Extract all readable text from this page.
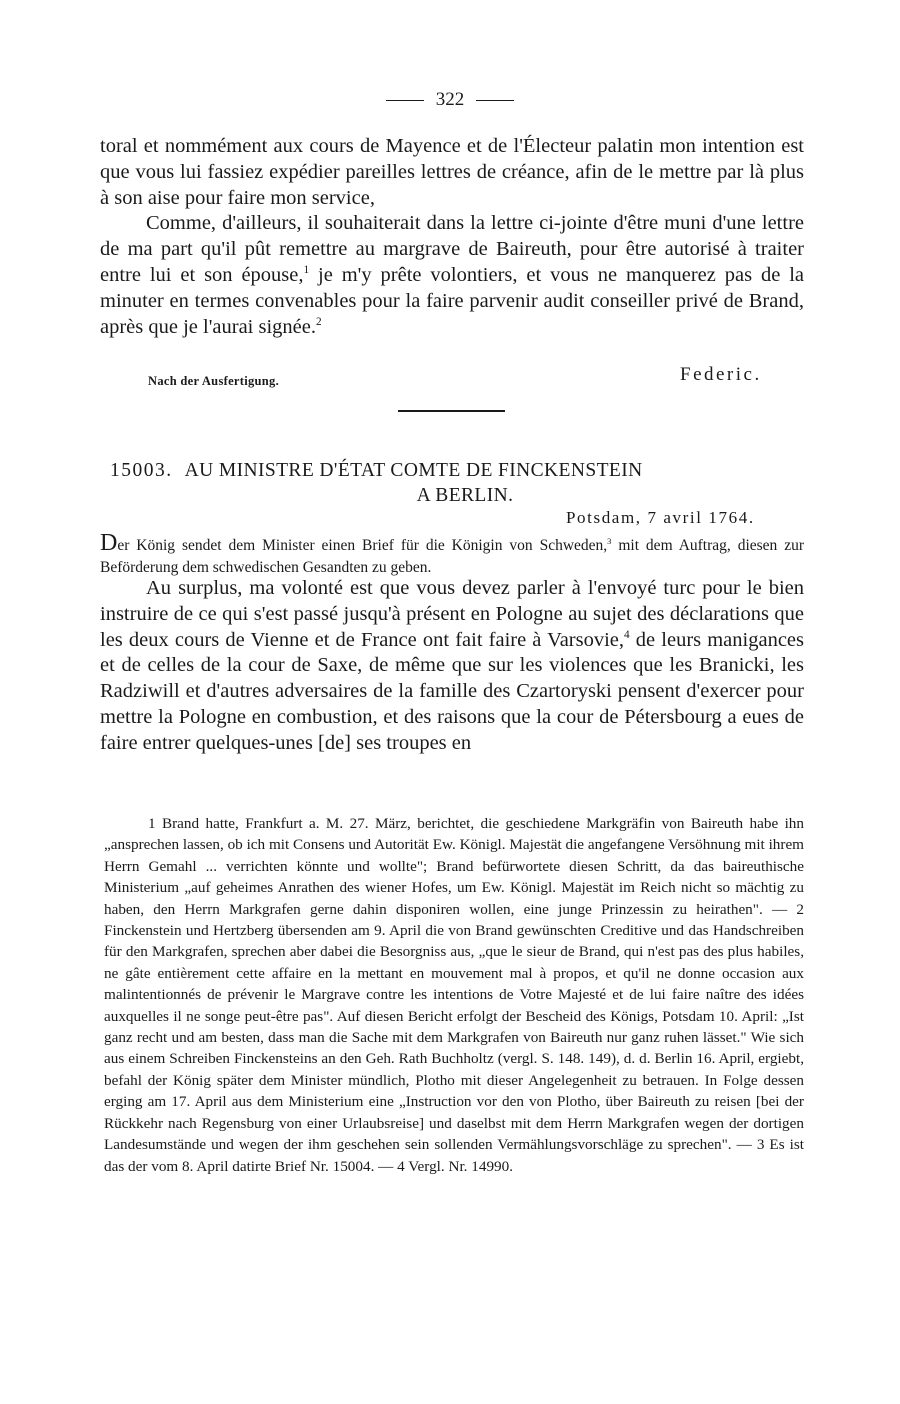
322

toral et nommément aux cours de Mayence et de l'Électeur palatin mon intention est que vous lui fassiez expédier pareilles lettres de créance, afin de le mettre par là plus à son aise pour faire mon service,

Comme, d'ailleurs, il souhaiterait dans la lettre ci-jointe d'être muni d'une lettre de ma part qu'il pût remettre au margrave de Baireuth, pour être autorisé à traiter entre lui et son épouse,$^1$ je m'y prête volontiers, et vous ne manquerez pas de la minuter en termes convenables pour la faire parvenir audit conseiller privé de Brand, après que je l'aurai signée.$^2$

Nach der Ausfertigung.	Federic.
15003. AU MINISTRE D'ÉTAT COMTE DE FINCKENSTEIN
A BERLIN.
Potsdam, 7 avril 1764.

Der König sendet dem Minister einen Brief für die Königin von Schweden,$^3$ mit dem Auftrag, diesen zur Beförderung dem schwedischen Gesandten zu geben.

Au surplus, ma volonté est que vous devez parler à l'envoyé turc pour le bien instruire de ce qui s'est passé jusqu'à présent en Pologne au sujet des déclarations que les deux cours de Vienne et de France ont fait faire à Varsovie,$^4$ de leurs manigances et de celles de la cour de Saxe, de même que sur les violences que les Branicki, les Radziwill et d'autres adversaires de la famille des Czartoryski pensent d'exercer pour mettre la Pologne en combustion, et des raisons que la cour de Pétersbourg a eues de faire entrer quelques-unes [de] ses troupes en

1 Brand hatte, Frankfurt a. M. 27. März, berichtet, die geschiedene Markgräfin von Baireuth habe ihn „ansprechen lassen, ob ich mit Consens und Autorität Ew. Königl. Majestät die angefangene Versöhnung mit ihrem Herrn Gemahl ... verrichten könnte und wollte"; Brand befürwortete diesen Schritt, da das baireuthische Ministerium „auf geheimes Anrathen des wiener Hofes, um Ew. Königl. Majestät im Reich nicht so mächtig zu haben, den Herrn Markgrafen gerne dahin disponiren wollen, eine junge Prinzessin zu heirathen". — 2 Finckenstein und Hertzberg übersenden am 9. April die von Brand gewünschten Creditive und das Handschreiben für den Markgrafen, sprechen aber dabei die Besorgniss aus, „que le sieur de Brand, qui n'est pas des plus habiles, ne gâte entièrement cette affaire en la mettant en mouvement mal à propos, et qu'il ne donne occasion aux malintentionnés de prévenir le Margrave contre les intentions de Votre Majesté et de lui faire naître des idées auxquelles il ne songe peut-être pas". Auf diesen Bericht erfolgt der Bescheid des Königs, Potsdam 10. April: „Ist ganz recht und am besten, dass man die Sache mit dem Markgrafen von Baireuth nur ganz ruhen lässet." Wie sich aus einem Schreiben Finckensteins an den Geh. Rath Buchholtz (vergl. S. 148. 149), d. d. Berlin 16. April, ergiebt, befahl der König später dem Minister mündlich, Plotho mit dieser Angelegenheit zu betrauen. In Folge dessen erging am 17. April aus dem Ministerium eine „Instruction vor den von Plotho, über Baireuth zu reisen [bei der Rückkehr nach Regensburg von einer Urlaubsreise] und daselbst mit dem Herrn Markgrafen wegen der dortigen Landesumstände und wegen der ihm geschehen sein sollenden Vermählungsvorschläge zu sprechen". — 3 Es ist das der vom 8. April datirte Brief Nr. 15004. — 4 Vergl. Nr. 14990.
